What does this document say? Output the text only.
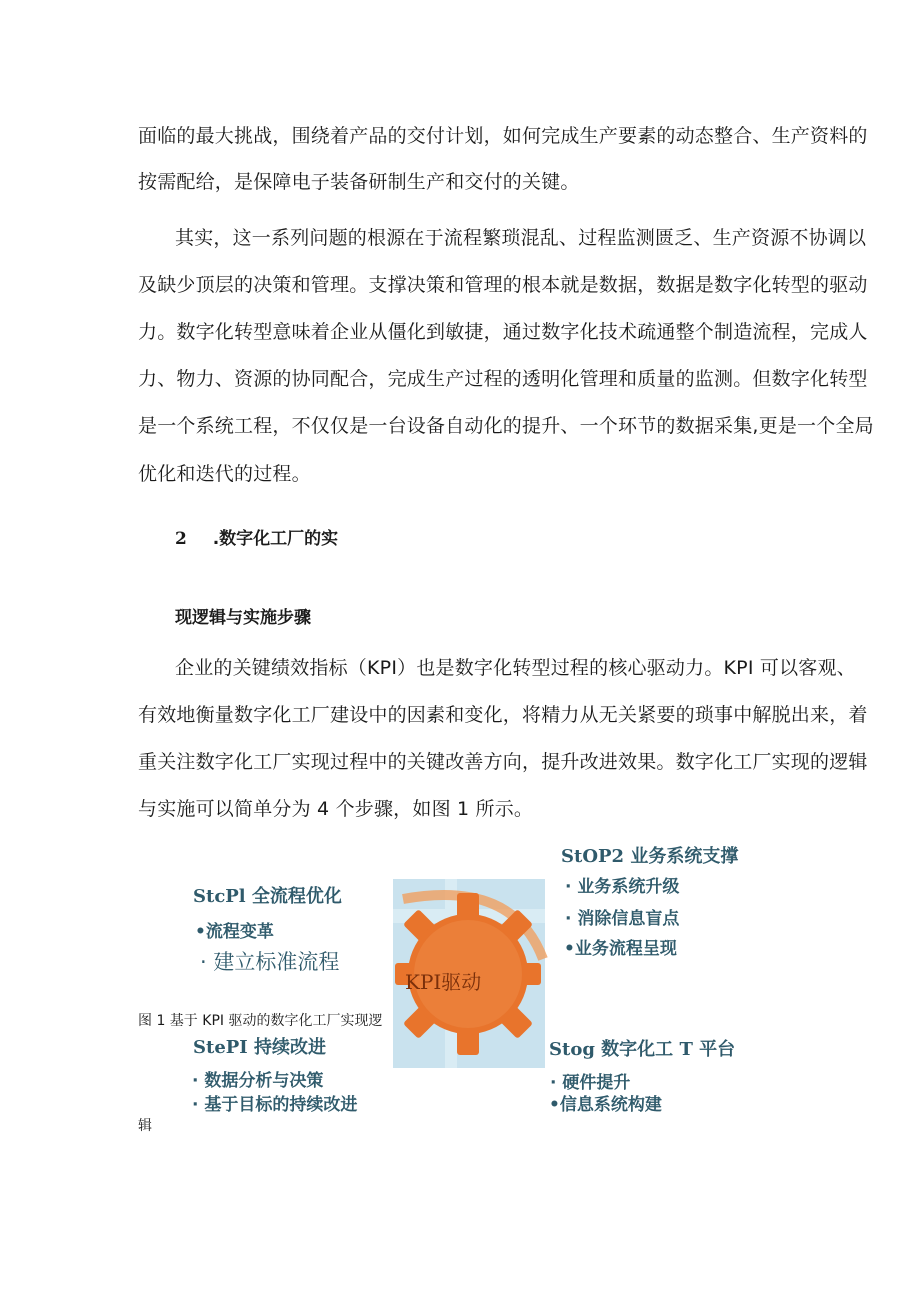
面临的最大挑战，围绕着产品的交付计划，如何完成生产要素的动态整合、生产资料的
按需配给，是保障电子装备研制生产和交付的关键。
其实，这一系列问题的根源在于流程繁琐混乱、过程监测匮乏、生产资源不协调以
及缺少顶层的决策和管理。支撑决策和管理的根本就是数据，数据是数字化转型的驱动
力。数字化转型意味着企业从僵化到敏捷，通过数字化技术疏通整个制造流程，完成人
力、物力、资源的协同配合，完成生产过程的透明化管理和质量的监测。但数字化转型
是一个系统工程，不仅仅是一台设备自动化的提升、一个环节的数据采集,更是一个全局
优化和迭代的过程。
2 .数字化工厂的实
现逻辑与实施步骤
企业的关键绩效指标（KPI）也是数字化转型过程的核心驱动力。KPI 可以客观、
有效地衡量数字化工厂建设中的因素和变化，将精力从无关紧要的琐事中解脱出来，着
重关注数字化工厂实现过程中的关键改善方向，提升改进效果。数字化工厂实现的逻辑
与实施可以简单分为 4 个步骤，如图 1 所示。
KPI驱动
StcPl 全流程优化
•流程变革
· 建立标准流程
StOP2 业务系统支撑
· 业务系统升级
· 消除信息盲点
•业务流程呈现
图 1 基于 KPI 驱动的数字化工厂实现逻
StePI 持续改进
· 数据分析与决策
· 基于目标的持续改进
Stog 数字化工 T 平台
· 硬件提升
•信息系统构建
辑
